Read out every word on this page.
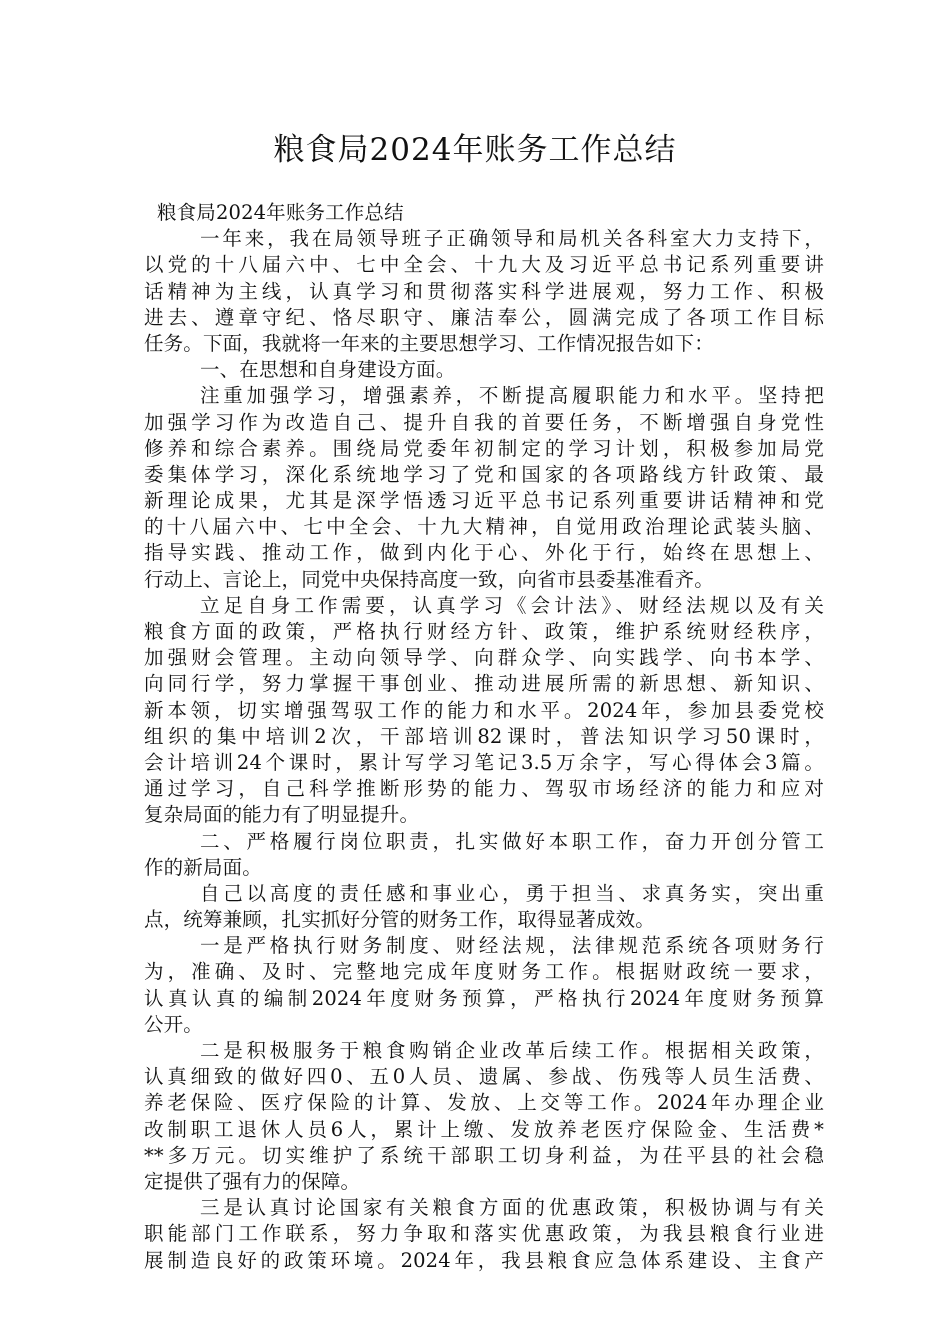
粮食局2024年账务工作总结
粮食局2024年账务工作总结
一年来，我在局领导班子正确领导和局机关各科室大力支持下，
以党的十八届六中、七中全会、十九大及习近平总书记系列重要讲
话精神为主线，认真学习和贯彻落实科学进展观，努力工作、积极
进去、遵章守纪、恪尽职守、廉洁奉公，圆满完成了各项工作目标
任务。下面，我就将一年来的主要思想学习、工作情况报告如下：
一、在思想和自身建设方面。
注重加强学习，增强素养，不断提高履职能力和水平。坚持把
加强学习作为改造自己、提升自我的首要任务，不断增强自身党性
修养和综合素养。围绕局党委年初制定的学习计划，积极参加局党
委集体学习，深化系统地学习了党和国家的各项路线方针政策、最
新理论成果，尤其是深学悟透习近平总书记系列重要讲话精神和党
的十八届六中、七中全会、十九大精神，自觉用政治理论武装头脑、
指导实践、推动工作，做到内化于心、外化于行，始终在思想上、
行动上、言论上，同党中央保持高度一致，向省市县委基准看齐。
立足自身工作需要，认真学习《会计法》、财经法规以及有关
粮食方面的政策，严格执行财经方针、政策，维护系统财经秩序，
加强财会管理。主动向领导学、向群众学、向实践学、向书本学、
向同行学，努力掌握干事创业、推动进展所需的新思想、新知识、
新本领，切实增强驾驭工作的能力和水平。2024年，参加县委党校
组织的集中培训2次，干部培训82课时，普法知识学习50课时，
会计培训24个课时，累计写学习笔记3.5万余字，写心得体会3篇。
通过学习，自己科学推断形势的能力、驾驭市场经济的能力和应对
复杂局面的能力有了明显提升。
二、严格履行岗位职责，扎实做好本职工作，奋力开创分管工
作的新局面。
自己以高度的责任感和事业心，勇于担当、求真务实，突出重
点，统筹兼顾，扎实抓好分管的财务工作，取得显著成效。
一是严格执行财务制度、财经法规，法律规范系统各项财务行
为，准确、及时、完整地完成年度财务工作。根据财政统一要求，
认真认真的编制2024年度财务预算，严格执行2024年度财务预算
公开。
二是积极服务于粮食购销企业改革后续工作。根据相关政策，
认真细致的做好四0、五0人员、遗属、参战、伤残等人员生活费、
养老保险、医疗保险的计算、发放、上交等工作。2024年办理企业
改制职工退休人员6人，累计上缴、发放养老医疗保险金、生活费*
**多万元。切实维护了系统干部职工切身利益，为茌平县的社会稳
定提供了强有力的保障。
三是认真讨论国家有关粮食方面的优惠政策，积极协调与有关
职能部门工作联系，努力争取和落实优惠政策，为我县粮食行业进
展制造良好的政策环境。2024年，我县粮食应急体系建设、主食产
